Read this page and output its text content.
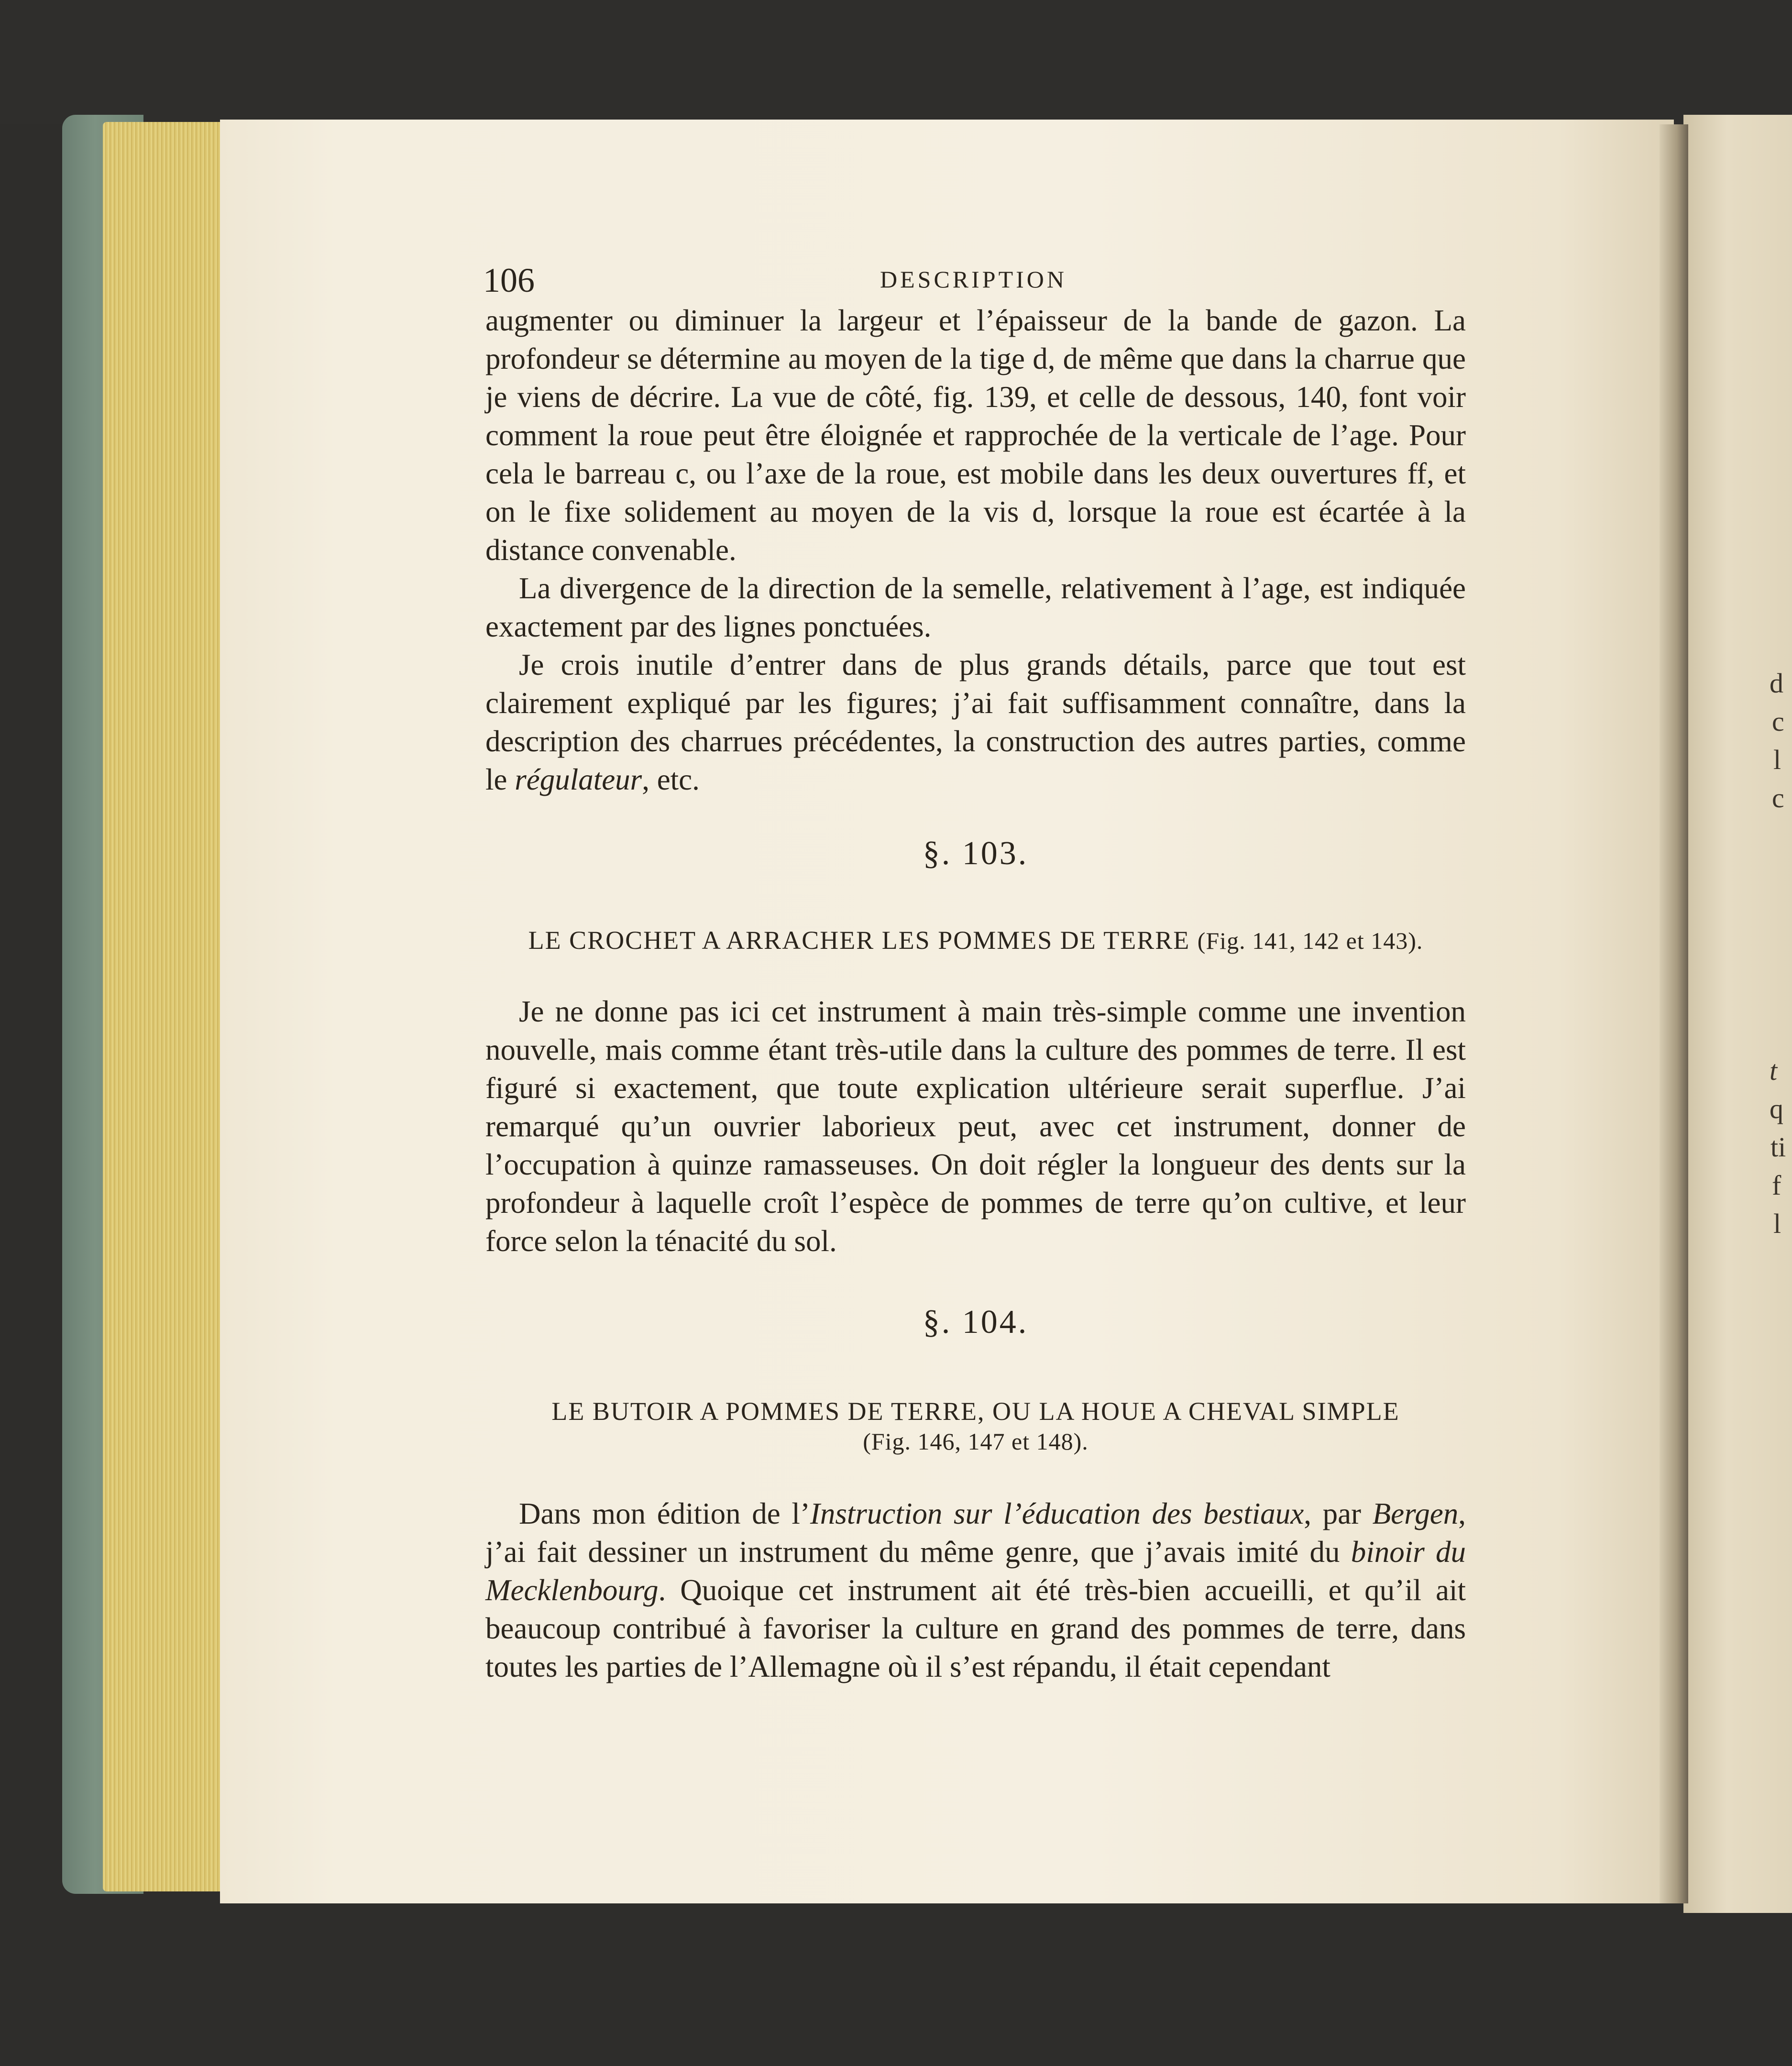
d
c
l
c
t
q
ti
f
l
106	DESCRIPTION

augmenter ou diminuer la largeur et l’épaisseur de la bande de gazon. La profondeur se détermine au moyen de la tige d, de même que dans la charrue que je viens de décrire. La vue de côté, fig. 139, et celle de dessous, 140, font voir comment la roue peut être éloignée et rapprochée de la verticale de l’age. Pour cela le barreau c, ou l’axe de la roue, est mobile dans les deux ouvertures ff, et on le fixe solidement au moyen de la vis d, lorsque la roue est écartée à la distance convenable.

La divergence de la direction de la semelle, relativement à l’age, est indiquée exactement par des lignes ponctuées.

Je crois inutile d’entrer dans de plus grands détails, parce que tout est clairement expliqué par les figures; j’ai fait suffisamment connaître, dans la description des charrues précédentes, la construction des autres parties, comme le régulateur, etc.

§. 103.
LE CROCHET A ARRACHER LES POMMES DE TERRE (Fig. 141, 142 et 143).

Je ne donne pas ici cet instrument à main très-simple comme une invention nouvelle, mais comme étant très-utile dans la culture des pommes de terre. Il est figuré si exactement, que toute explication ultérieure serait superflue. J’ai remarqué qu’un ouvrier laborieux peut, avec cet instrument, donner de l’occupation à quinze ramasseuses. On doit régler la longueur des dents sur la profondeur à laquelle croît l’espèce de pommes de terre qu’on cultive, et leur force selon la ténacité du sol.

§. 104.
LE BUTOIR A POMMES DE TERRE, OU LA HOUE A CHEVAL SIMPLE
(Fig. 146, 147 et 148).

Dans mon édition de l’Instruction sur l’éducation des bestiaux, par Bergen, j’ai fait dessiner un instrument du même genre, que j’avais imité du binoir du Mecklenbourg. Quoique cet instrument ait été très-bien accueilli, et qu’il ait beaucoup contribué à favoriser la culture en grand des pommes de terre, dans toutes les parties de l’Allemagne où il s’est répandu, il était cependant
